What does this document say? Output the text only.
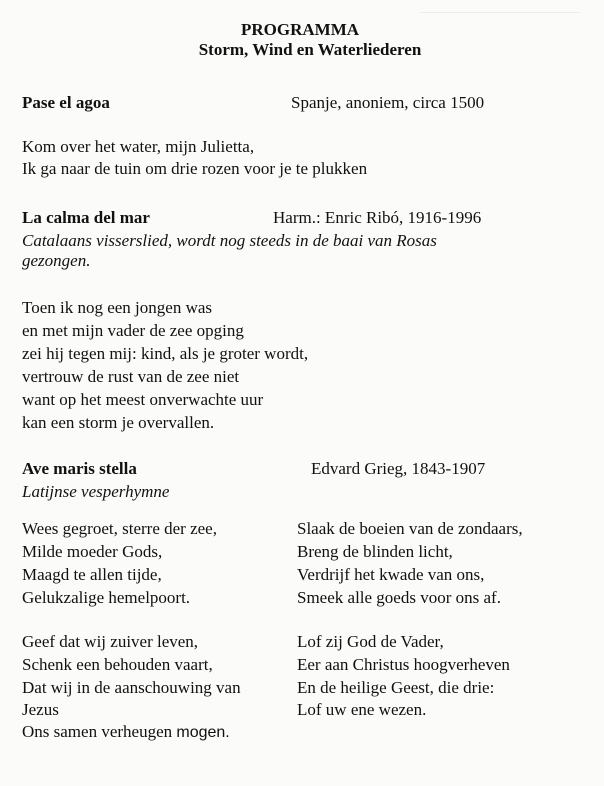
PROGRAMMA
Storm, Wind en Waterliederen
Pase el agoa	Spanje, anoniem, circa 1500
Kom over het water, mijn Julietta,
Ik ga naar de tuin om drie rozen voor je te plukken
La calma del mar	Harm.: Enric Ribó, 1916-1996
Catalaans visserslied, wordt nog steeds in de baai van Rosas
gezongen.
Toen ik nog een jongen was
en met mijn vader de zee opging
zei hij tegen mij: kind, als je groter wordt,
vertrouw de rust van de zee niet
want op het meest onverwachte uur
kan een storm je overvallen.
Ave maris stella	Edvard Grieg, 1843-1907
Latijnse vesperhymne
Wees gegroet, sterre der zee,
Milde moeder Gods,
Maagd te allen tijde,
Gelukzalige hemelpoort.
Geef dat wij zuiver leven,
Schenk een behouden vaart,
Dat wij in de aanschouwing van
Jezus
Ons samen verheugen mogen.
Slaak de boeien van de zondaars,
Breng de blinden licht,
Verdrijf het kwade van ons,
Smeek alle goeds voor ons af.
Lof zij God de Vader,
Eer aan Christus hoogverheven
En de heilige Geest, die drie:
Lof uw ene wezen.
